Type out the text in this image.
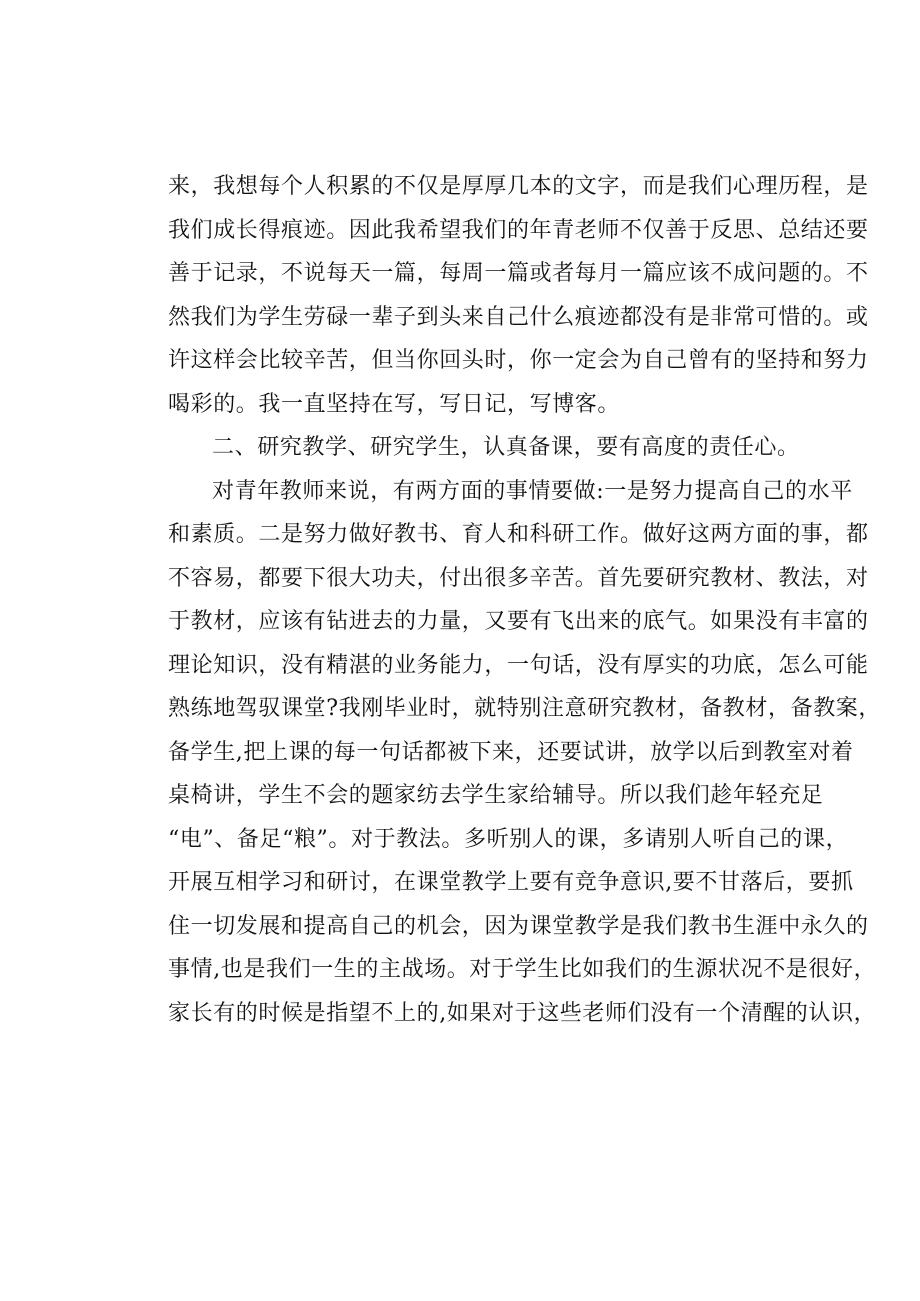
来，我想每个人积累的不仅是厚厚几本的文字，而是我们心理历程，是
我们成长得痕迹。因此我希望我们的年青老师不仅善于反思、总结还要
善于记录，不说每天一篇，每周一篇或者每月一篇应该不成问题的。不
然我们为学生劳碌一辈子到头来自己什么痕迹都没有是非常可惜的。或
许这样会比较辛苦，但当你回头时，你一定会为自己曾有的坚持和努力
喝彩的。我一直坚持在写，写日记，写博客。
二、研究教学、研究学生，认真备课，要有高度的责任心。
对青年教师来说，有两方面的事情要做:一是努力提高自己的水平
和素质。二是努力做好教书、育人和科研工作。做好这两方面的事，都
不容易，都要下很大功夫，付出很多辛苦。首先要研究教材、教法，对
于教材，应该有钻进去的力量，又要有飞出来的底气。如果没有丰富的
理论知识，没有精湛的业务能力，一句话，没有厚实的功底，怎么可能
熟练地驾驭课堂?我刚毕业时，就特别注意研究教材，备教材，备教案，
备学生,把上课的每一句话都被下来，还要试讲，放学以后到教室对着
桌椅讲，学生不会的题家纺去学生家给辅导。所以我们趁年轻充足
“电”、备足“粮”。对于教法。多听别人的课，多请别人听自己的课，
开展互相学习和研讨，在课堂教学上要有竞争意识,要不甘落后，要抓
住一切发展和提高自己的机会，因为课堂教学是我们教书生涯中永久的
事情,也是我们一生的主战场。对于学生比如我们的生源状况不是很好，
家长有的时候是指望不上的,如果对于这些老师们没有一个清醒的认识，
